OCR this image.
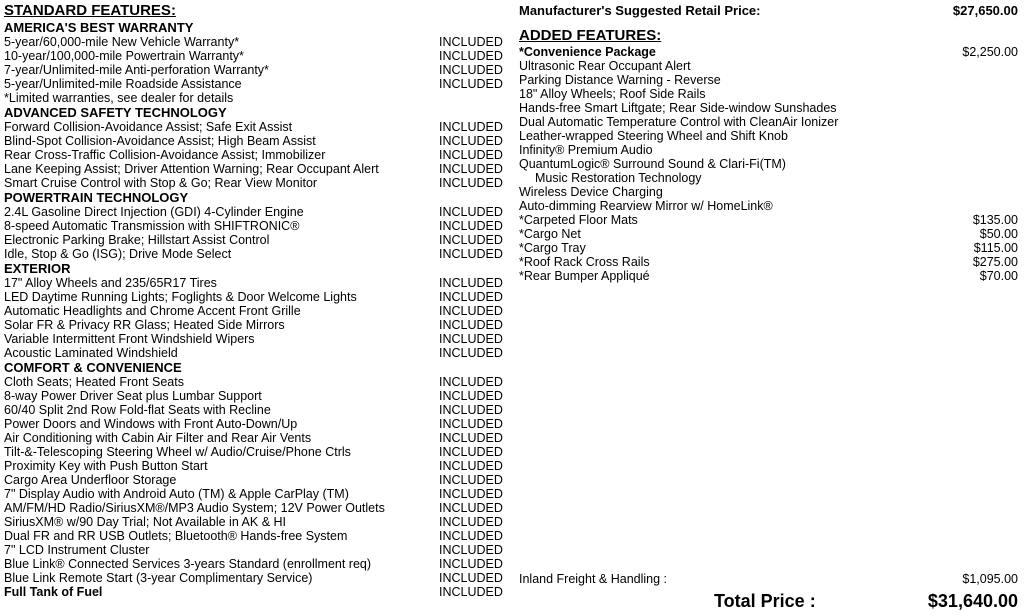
STANDARD FEATURES:
AMERICA'S BEST WARRANTY
5-year/60,000-mile New Vehicle Warranty*	INCLUDED
10-year/100,000-mile Powertrain Warranty*	INCLUDED
7-year/Unlimited-mile Anti-perforation Warranty*	INCLUDED
5-year/Unlimited-mile Roadside Assistance	INCLUDED
*Limited warranties, see dealer for details
ADVANCED SAFETY TECHNOLOGY
Forward Collision-Avoidance Assist; Safe Exit Assist	INCLUDED
Blind-Spot Collision-Avoidance Assist; High Beam Assist	INCLUDED
Rear Cross-Traffic Collision-Avoidance Assist; Immobilizer	INCLUDED
Lane Keeping Assist; Driver Attention Warning; Rear Occupant Alert	INCLUDED
Smart Cruise Control with Stop & Go; Rear View Monitor	INCLUDED
POWERTRAIN TECHNOLOGY
2.4L Gasoline Direct Injection (GDI) 4-Cylinder Engine	INCLUDED
8-speed Automatic Transmission with SHIFTRONIC®	INCLUDED
Electronic Parking Brake; Hillstart Assist Control	INCLUDED
Idle, Stop & Go (ISG); Drive Mode Select	INCLUDED
EXTERIOR
17" Alloy Wheels and 235/65R17 Tires	INCLUDED
LED Daytime Running Lights; Foglights & Door Welcome Lights	INCLUDED
Automatic Headlights and Chrome Accent Front Grille	INCLUDED
Solar FR & Privacy RR Glass; Heated Side Mirrors	INCLUDED
Variable Intermittent Front Windshield Wipers	INCLUDED
Acoustic Laminated Windshield	INCLUDED
COMFORT & CONVENIENCE
Cloth Seats; Heated Front Seats	INCLUDED
8-way Power Driver Seat plus Lumbar Support	INCLUDED
60/40 Split 2nd Row Fold-flat Seats with Recline	INCLUDED
Power Doors and Windows with Front Auto-Down/Up	INCLUDED
Air Conditioning with Cabin Air Filter and Rear Air Vents	INCLUDED
Tilt-&-Telescoping Steering Wheel w/ Audio/Cruise/Phone Ctrls	INCLUDED
Proximity Key with Push Button Start	INCLUDED
Cargo Area Underfloor Storage	INCLUDED
7" Display Audio with Android Auto (TM) & Apple CarPlay (TM)	INCLUDED
AM/FM/HD Radio/SiriusXM®/MP3 Audio System; 12V Power Outlets	INCLUDED
SiriusXM® w/90 Day Trial; Not Available in AK & HI	INCLUDED
Dual FR and RR USB Outlets; Bluetooth® Hands-free System	INCLUDED
7" LCD Instrument Cluster	INCLUDED
Blue Link® Connected Services 3-years Standard (enrollment req)	INCLUDED
Blue Link Remote Start (3-year Complimentary Service)	INCLUDED
Full Tank of Fuel	INCLUDED
Manufacturer's Suggested Retail Price:	$27,650.00
ADDED FEATURES:
*Convenience Package	$2,250.00
Ultrasonic Rear Occupant Alert
Parking Distance Warning - Reverse
18" Alloy Wheels; Roof Side Rails
Hands-free Smart Liftgate; Rear Side-window Sunshades
Dual Automatic Temperature Control with CleanAir Ionizer
Leather-wrapped Steering Wheel and Shift Knob
Infinity® Premium Audio
QuantumLogic® Surround Sound & Clari-Fi(TM)
Music Restoration Technology
Wireless Device Charging
Auto-dimming Rearview Mirror w/ HomeLink®
*Carpeted Floor Mats	$135.00
*Cargo Net	$50.00
*Cargo Tray	$115.00
*Roof Rack Cross Rails	$275.00
*Rear Bumper Appliqué	$70.00
Inland Freight & Handling :	$1,095.00
Total Price :	$31,640.00
